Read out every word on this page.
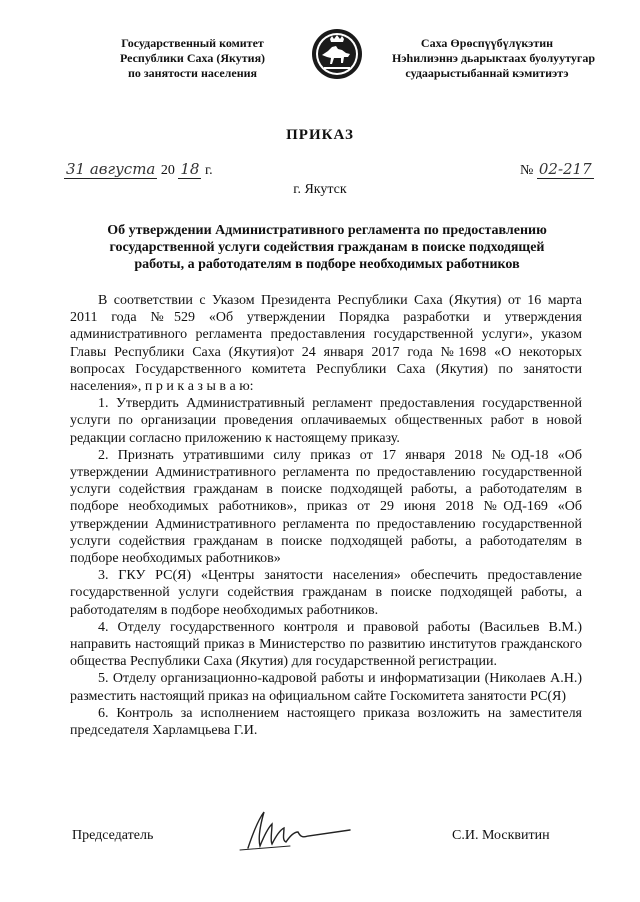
Государственный комитет
Республики Саха (Якутия)
по занятости населения
Саха Өрөспүүбүлүкэтин
Нэһилиэннэ дьарыктаах буолуутугар
судаарыстыбаннай кэмитиэтэ
ПРИКАЗ
31 августа 20 18 г.	№ 02-217
г. Якутск
Об утверждении Административного регламента по предоставлению
государственной услуги содействия гражданам в поиске подходящей
работы, а работодателям в подборе необходимых работников

В соответствии с Указом Президента Республики Саха (Якутия) от 16 марта 2011 года №529 «Об утверждении Порядка разработки и утверждения административного регламента предоставления государственной услуги», указом Главы Республики Саха (Якутия)от 24 января 2017 года №1698 «О некоторых вопросах Государственного комитета Республики Саха (Якутия) по занятости населения», п р и к а з ы в а ю:

1. Утвердить Административный регламент предоставления государственной услуги по организации проведения оплачиваемых общественных работ в новой редакции согласно приложению к настоящему приказу.

2. Признать утратившими силу приказ от 17 января 2018 №ОД-18 «Об утверждении Административного регламента по предоставлению государственной услуги содействия гражданам в поиске подходящей работы, а работодателям в подборе необходимых работников», приказ от 29 июня 2018 №ОД-169 «Об утверждении Административного регламента по предоставлению государственной услуги содействия гражданам в поиске подходящей работы, а работодателям в подборе необходимых работников»

3. ГКУ РС(Я) «Центры занятости населения» обеспечить предоставление государственной услуги содействия гражданам в поиске подходящей работы, а работодателям в подборе необходимых работников.

4. Отделу государственного контроля и правовой работы (Васильев В.М.) направить настоящий приказ в Министерство по развитию институтов гражданского общества Республики Саха (Якутия) для государственной регистрации.

5. Отделу организационно-кадровой работы и информатизации (Николаев А.Н.) разместить настоящий приказ на официальном сайте Госкомитета занятости РС(Я)

6. Контроль за исполнением настоящего приказа возложить на заместителя председателя Харламцьева Г.И.

Председатель	С.И. Москвитин
